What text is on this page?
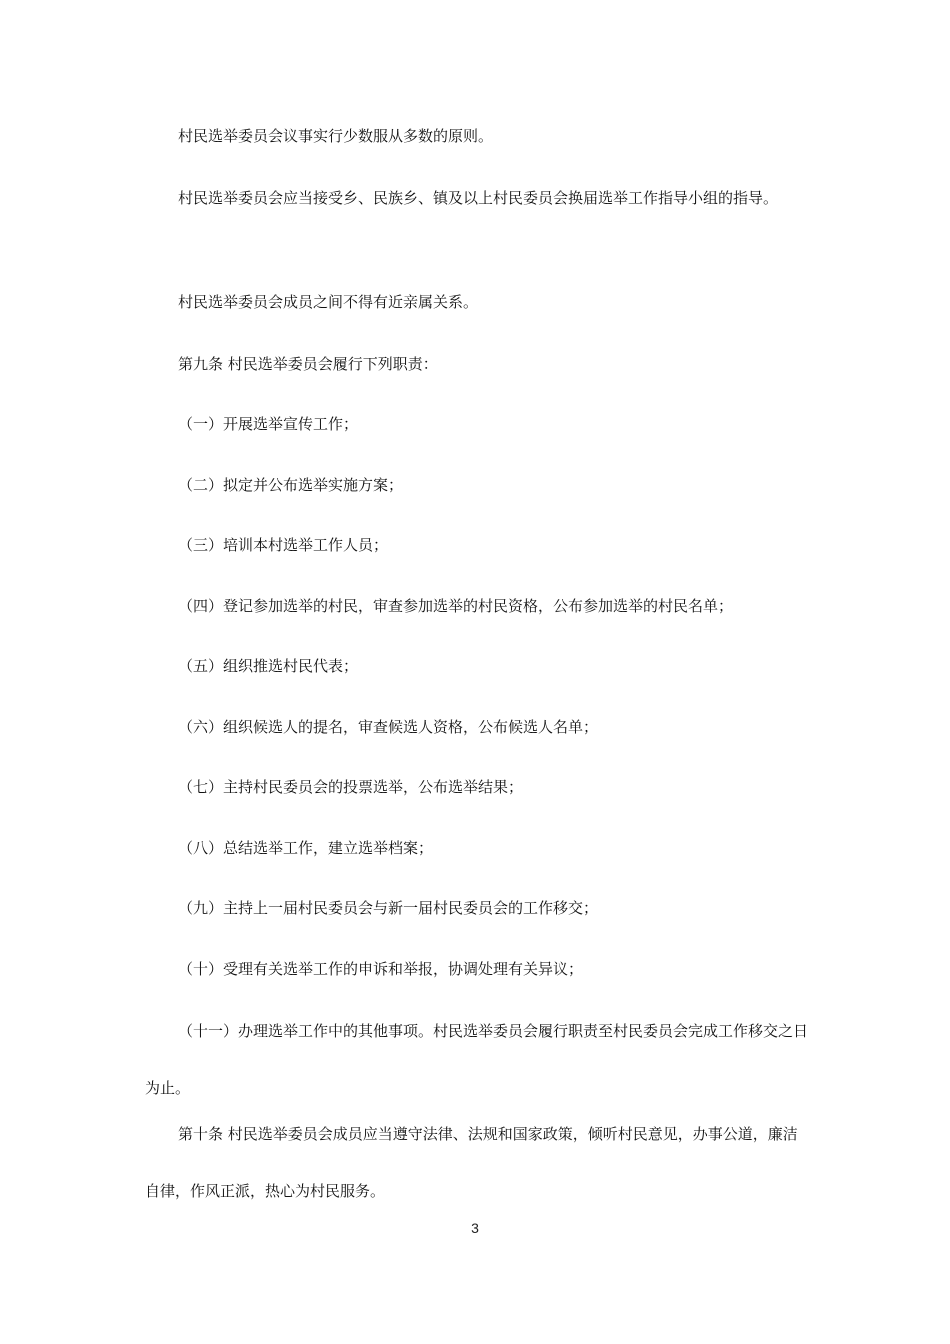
村民选举委员会议事实行少数服从多数的原则。

村民选举委员会应当接受乡、民族乡、镇及以上村民委员会换届选举工作指导小组的指导。

村民选举委员会成员之间不得有近亲属关系。

第九条 村民选举委员会履行下列职责：

（一）开展选举宣传工作；

（二）拟定并公布选举实施方案；

（三）培训本村选举工作人员；

（四）登记参加选举的村民，审查参加选举的村民资格，公布参加选举的村民名单；

（五）组织推选村民代表；

（六）组织候选人的提名，审查候选人资格，公布候选人名单；

（七）主持村民委员会的投票选举，公布选举结果；

（八）总结选举工作，建立选举档案；

（九）主持上一届村民委员会与新一届村民委员会的工作移交；

（十）受理有关选举工作的申诉和举报，协调处理有关异议；

（十一）办理选举工作中的其他事项。村民选举委员会履行职责至村民委员会完成工作移交之日为止。

第十条 村民选举委员会成员应当遵守法律、法规和国家政策，倾听村民意见，办事公道，廉洁自律，作风正派，热心为村民服务。

3
